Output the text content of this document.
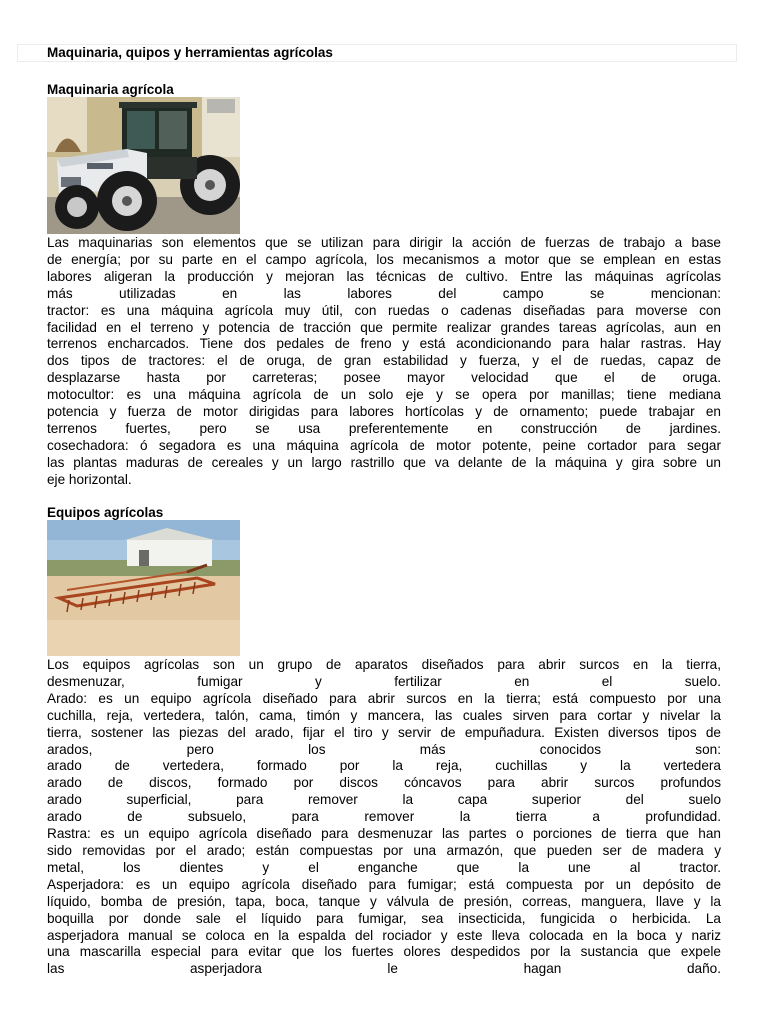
Maquinaria, quipos y herramientas agrícolas
Maquinaria agrícola

Las maquinarias son elementos que se utilizan para dirigir la acción de fuerzas de trabajo a base

de energía; por su parte en el campo agrícola, los mecanismos a motor que se emplean en estas

labores aligeran la producción y mejoran las técnicas de cultivo. Entre las máquinas agrícolas

más utilizadas en las labores del campo se mencionan:

tractor: es una máquina agrícola muy útil, con ruedas o cadenas diseñadas para moverse con

facilidad en el terreno y potencia de tracción que permite realizar grandes tareas agrícolas, aun en

terrenos encharcados. Tiene dos pedales de freno y está acondicionando para halar rastras. Hay

dos tipos de tractores: el de oruga, de gran estabilidad y fuerza, y el de ruedas, capaz de

desplazarse hasta por carreteras; posee mayor velocidad que el de oruga.

motocultor: es una máquina agrícola de un solo eje y se opera por manillas; tiene mediana

potencia y fuerza de motor dirigidas para labores hortícolas y de ornamento; puede trabajar en

terrenos fuertes, pero se usa preferentemente en construcción de jardines.

cosechadora: ó segadora es una máquina agrícola de motor potente, peine cortador para segar

las plantas maduras de cereales y un largo rastrillo que va delante de la máquina y gira sobre un

eje horizontal.

Equipos agrícolas

Los equipos agrícolas son un grupo de aparatos diseñados para abrir surcos en la tierra,

desmenuzar, fumigar y fertilizar en el suelo.

Arado: es un equipo agrícola diseñado para abrir surcos en la tierra; está compuesto por una

cuchilla, reja, vertedera, talón, cama, timón y mancera, las cuales sirven para cortar y nivelar la

tierra, sostener las piezas del arado, fijar el tiro y servir de empuñadura. Existen diversos tipos de

arados, pero los más conocidos son:

arado de vertedera, formado por la reja, cuchillas y la vertedera

arado de discos, formado por discos cóncavos para abrir surcos profundos

arado superficial, para remover la capa superior del suelo

arado de subsuelo, para remover la tierra a profundidad.

Rastra: es un equipo agrícola diseñado para desmenuzar las partes o porciones de tierra que han

sido removidas por el arado; están compuestas por una armazón, que pueden ser de madera y

metal, los dientes y el enganche que la une al tractor.

Asperjadora: es un equipo agrícola diseñado para fumigar; está compuesta por un depósito de

líquido, bomba de presión, tapa, boca, tanque y válvula de presión, correas, manguera, llave y la

boquilla por donde sale el líquido para fumigar, sea insecticida, fungicida o herbicida. La

asperjadora manual se coloca en la espalda del rociador y este lleva colocada en la boca y nariz

una mascarilla especial para evitar que los fuertes olores despedidos por la sustancia que expele

las asperjadora le hagan daño.
